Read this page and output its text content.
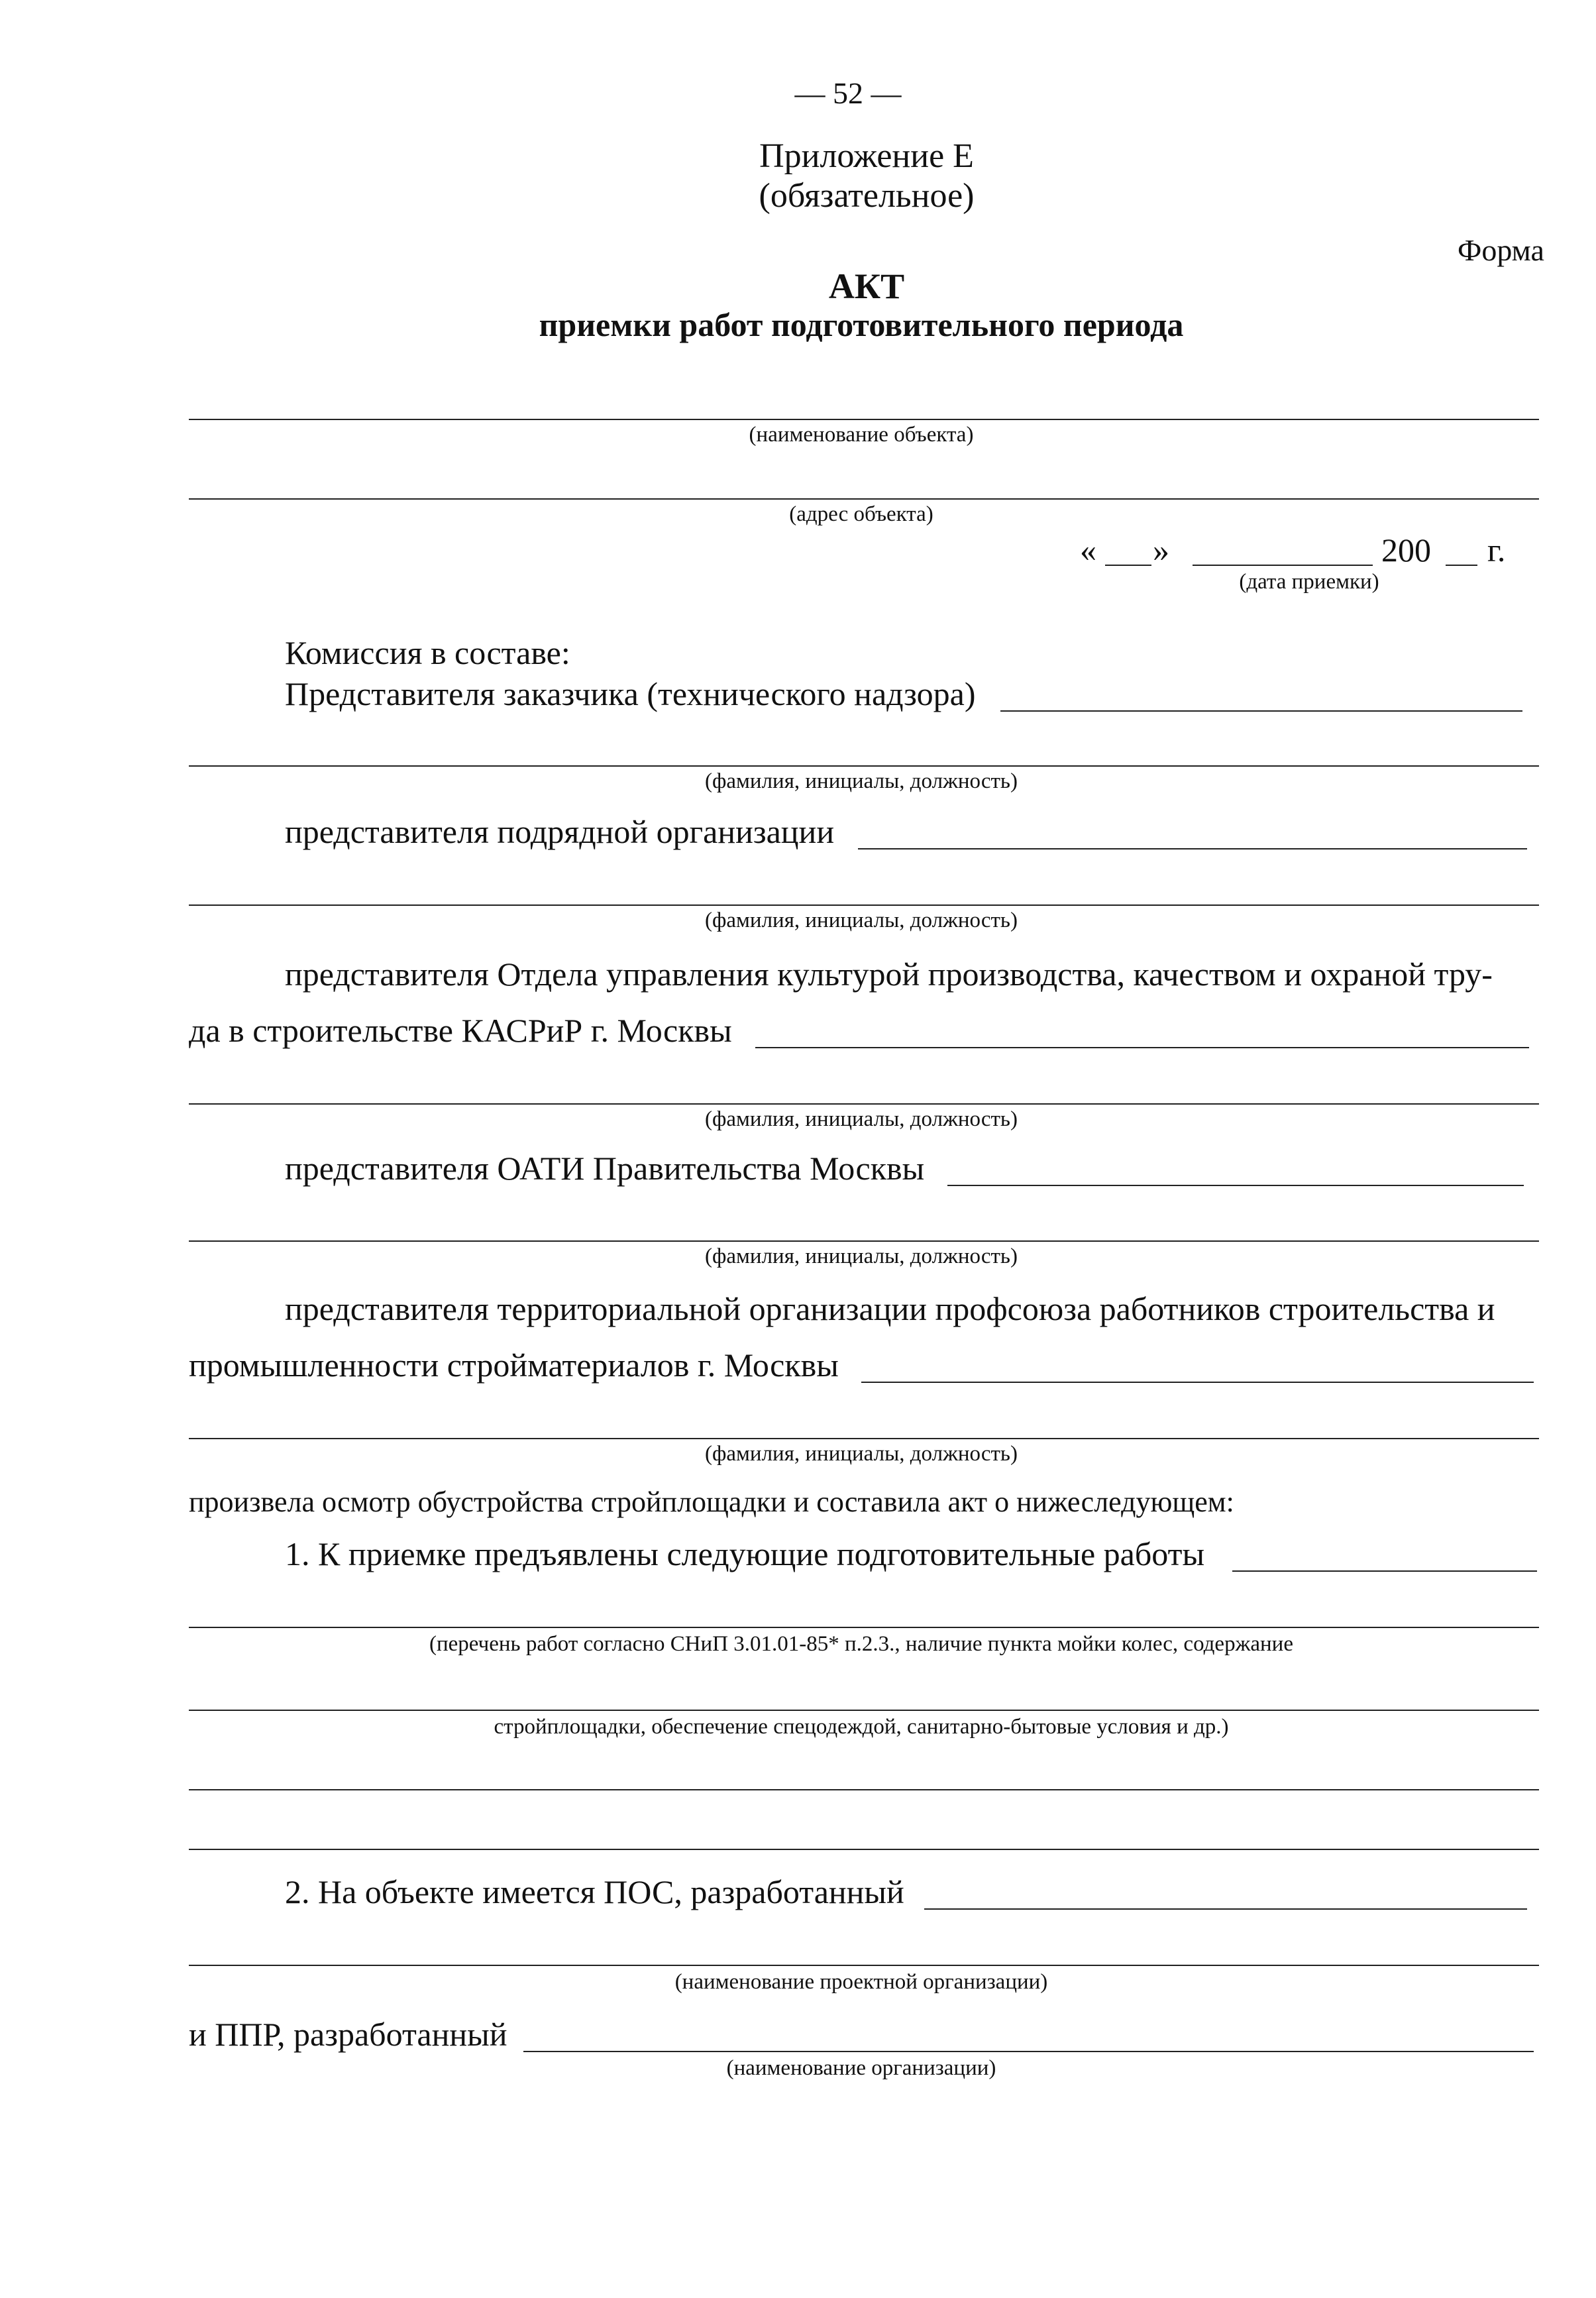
— 52 —
Приложение Е
(обязательное)
Форма
АКТ
приемки работ подготовительного периода
(наименование объекта)
(адрес объекта)
« »	200 г.
(дата приемки)
Комиссия в составе:
Представителя заказчика (технического надзора)
(фамилия, инициалы, должность)
представителя подрядной организации
(фамилия, инициалы, должность)
представителя Отдела управления культурой производства, качеством и охраной тру-
да в строительстве КАСРиР г. Москвы
(фамилия, инициалы, должность)
представителя ОАТИ Правительства Москвы
(фамилия, инициалы, должность)
представителя территориальной организации профсоюза работников строительства и
промышленности стройматериалов г. Москвы
(фамилия, инициалы, должность)
произвела осмотр обустройства стройплощадки и составила акт о нижеследующем:
1. К приемке предъявлены следующие подготовительные работы
(перечень работ согласно СНиП 3.01.01-85* п.2.3., наличие пункта мойки колес, содержание
стройплощадки, обеспечение спецодеждой, санитарно-бытовые условия и др.)
2. На объекте имеется ПОС, разработанный
(наименование проектной организации)
и ППР, разработанный
(наименование организации)
